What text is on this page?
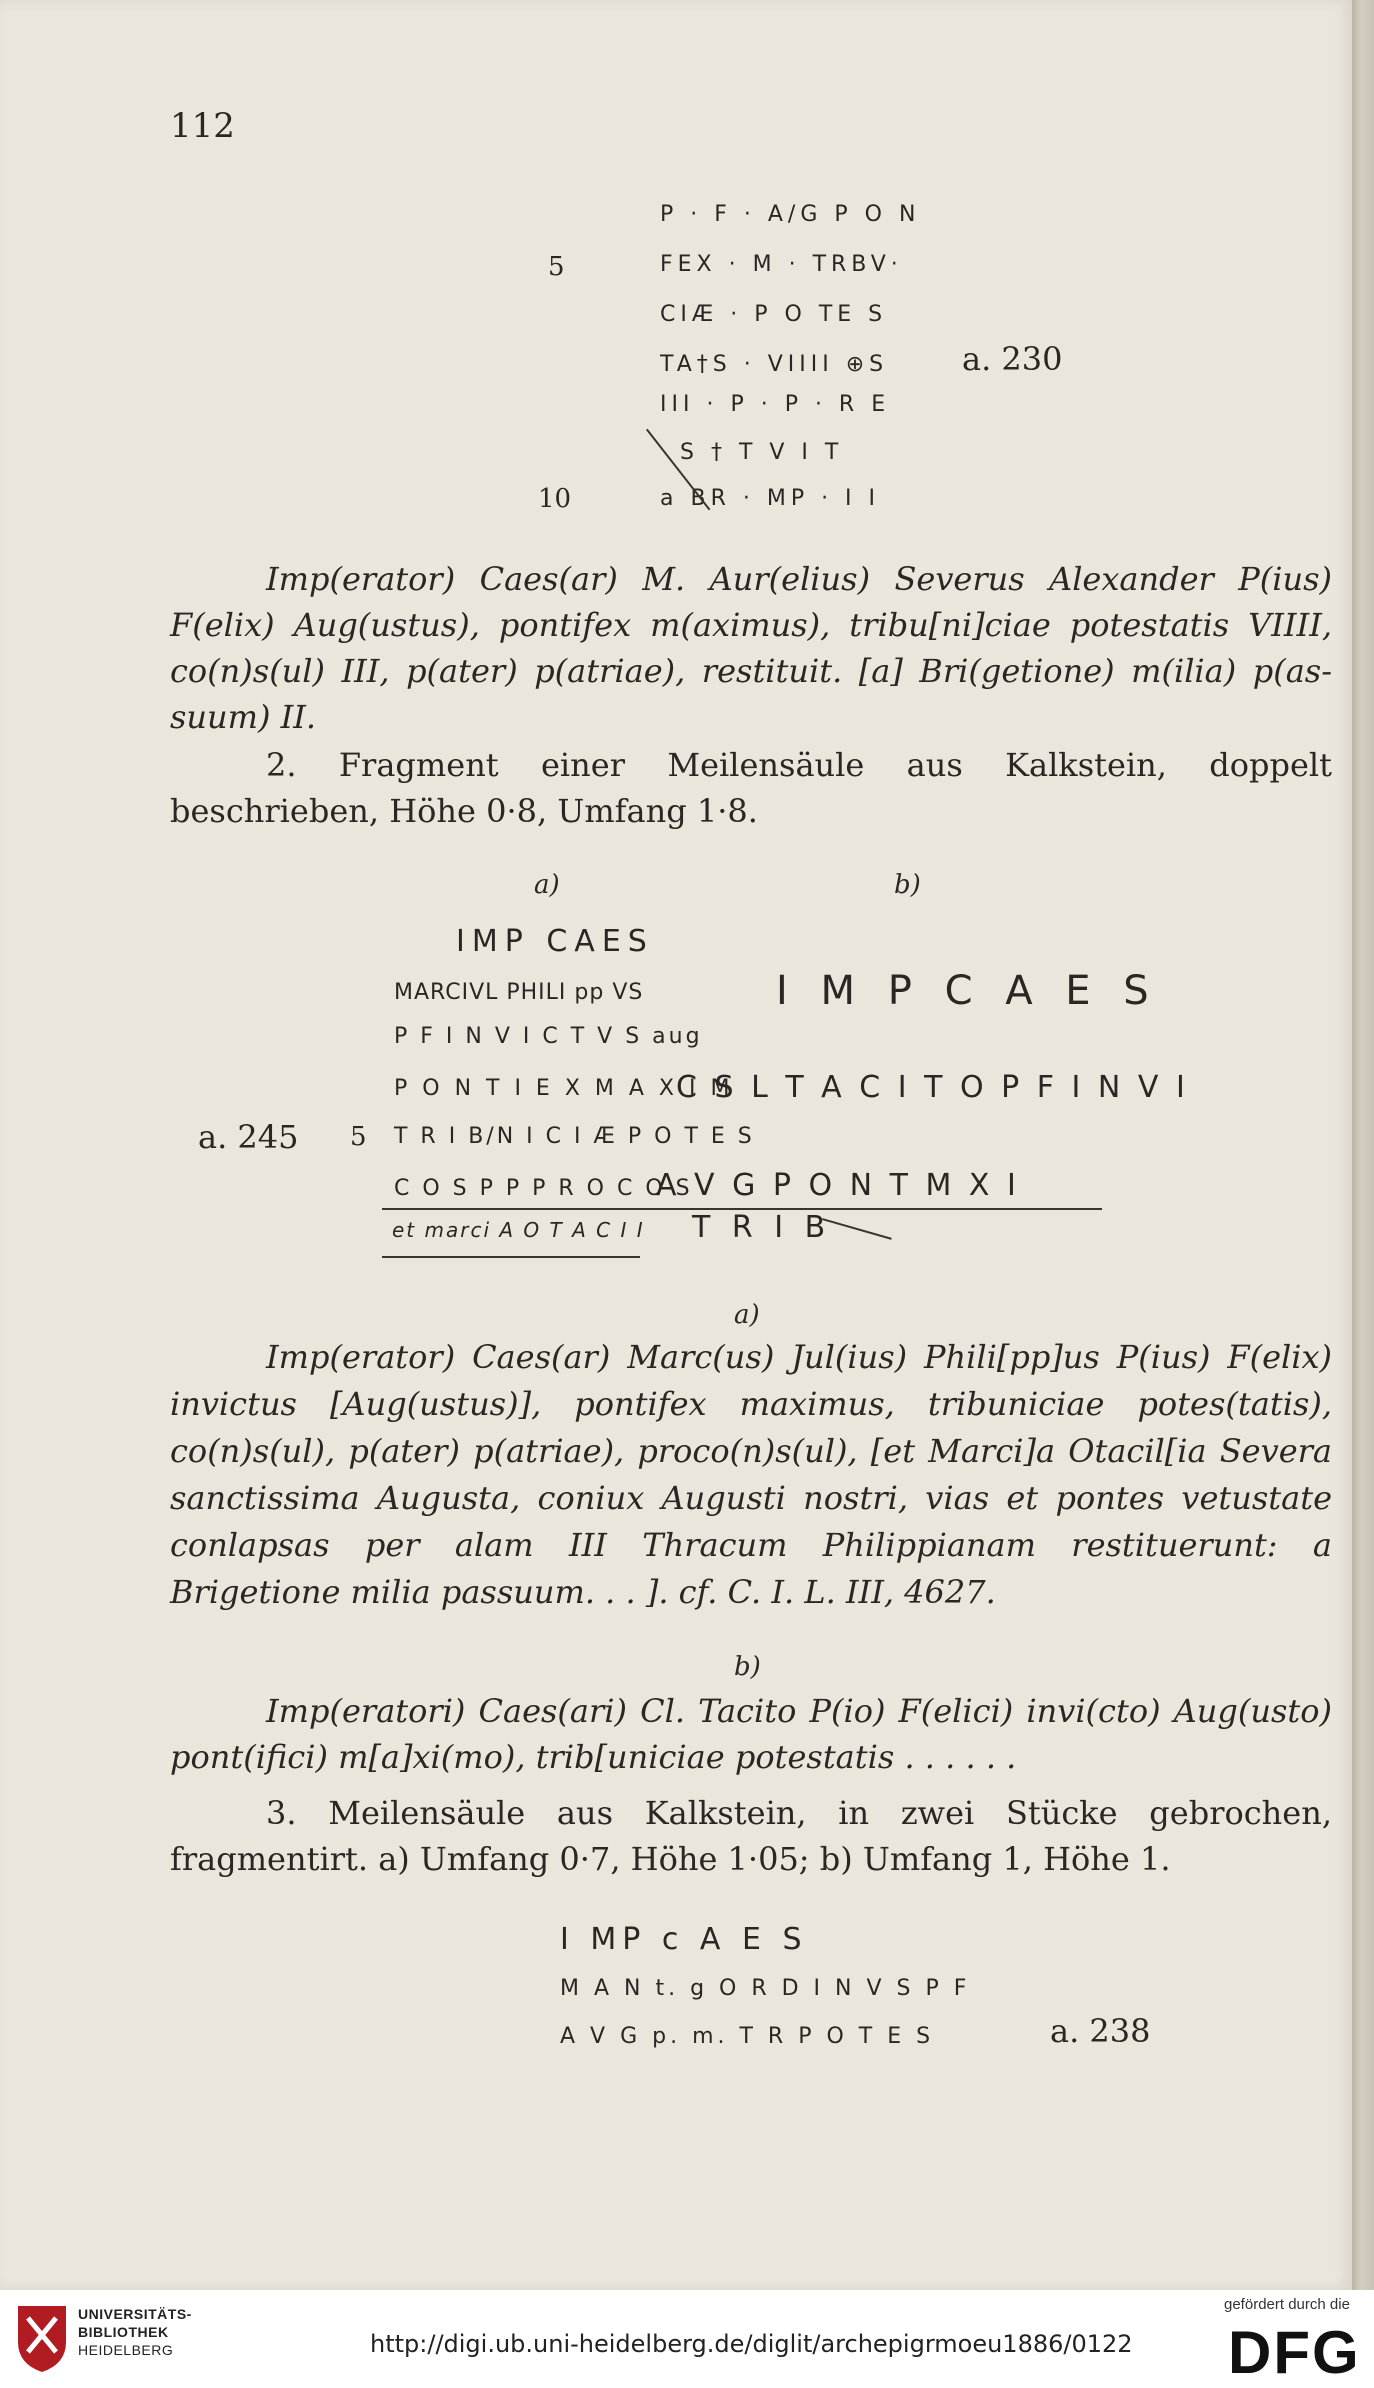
112
P · F · A/G P O N
5	FEX · M · TRBV·
CIÆ · P O TE S
TA†S · VIIII ⊕S a. 230
III · P · P · R E
S † T V I T
10	a BR · MP · I I
Imp(erator) Caes(ar) M. Aur(elius) Severus Alexander P(ius) F(elix) Aug(ustus), pontifex m(aximus), tribu[ni]ciae potestatis VIIII, co(n)s(ul) III, p(ater) p(atriae), restituit. [a] Bri(getione) m(ilia) p(as-suum) II.
2. Fragment einer Meilensäule aus Kalkstein, doppelt beschrieben, Höhe 0·8, Umfang 1·8.
a)	b)
IMP CAES
MARCIVL PHILI pp VS	I M P C A E S
P F I N V I C T V S aug
P O N T I E X M A X I M
C S L T A C I T O P F I N V I
a. 245 5 T R I B/N I C I Æ P O T E S
C O S P P P R O C O S
A V G P O N T M X I
et marci A O T A C I I T R I B
a)
Imp(erator) Caes(ar) Marc(us) Jul(ius) Phili[pp]us P(ius) F(elix) invictus [Aug(ustus)], pontifex maximus, tribuniciae potes(tatis), co(n)s(ul), p(ater) p(atriae), proco(n)s(ul), [et Marci]a Otacil[ia Severa sanctissima Augusta, coniux Augusti nostri, vias et pontes vetustate conlapsas per alam III Thracum Philippianam restituerunt: a Brigetione milia passuum. . . ]. cf. C. I. L. III, 4627.
b)
Imp(eratori) Caes(ari) Cl. Tacito P(io) F(elici) invi(cto) Aug(usto) pont(ifici) m[a]xi(mo), trib[uniciae potestatis . . . . . .
3. Meilensäule aus Kalkstein, in zwei Stücke gebrochen, fragmentirt. a) Umfang 0·7, Höhe 1·05; b) Umfang 1, Höhe 1.
I MP c A E S
M A N t. g O R D I N V S P F
A V G p. m. T R P O T E S	a. 238
UNIVERSITÄTS-
BIBLIOTHEK
HEIDELBERG	http://digi.ub.uni-heidelberg.de/diglit/archepigrmoeu1886/0122
gefördert durch die
DFG
